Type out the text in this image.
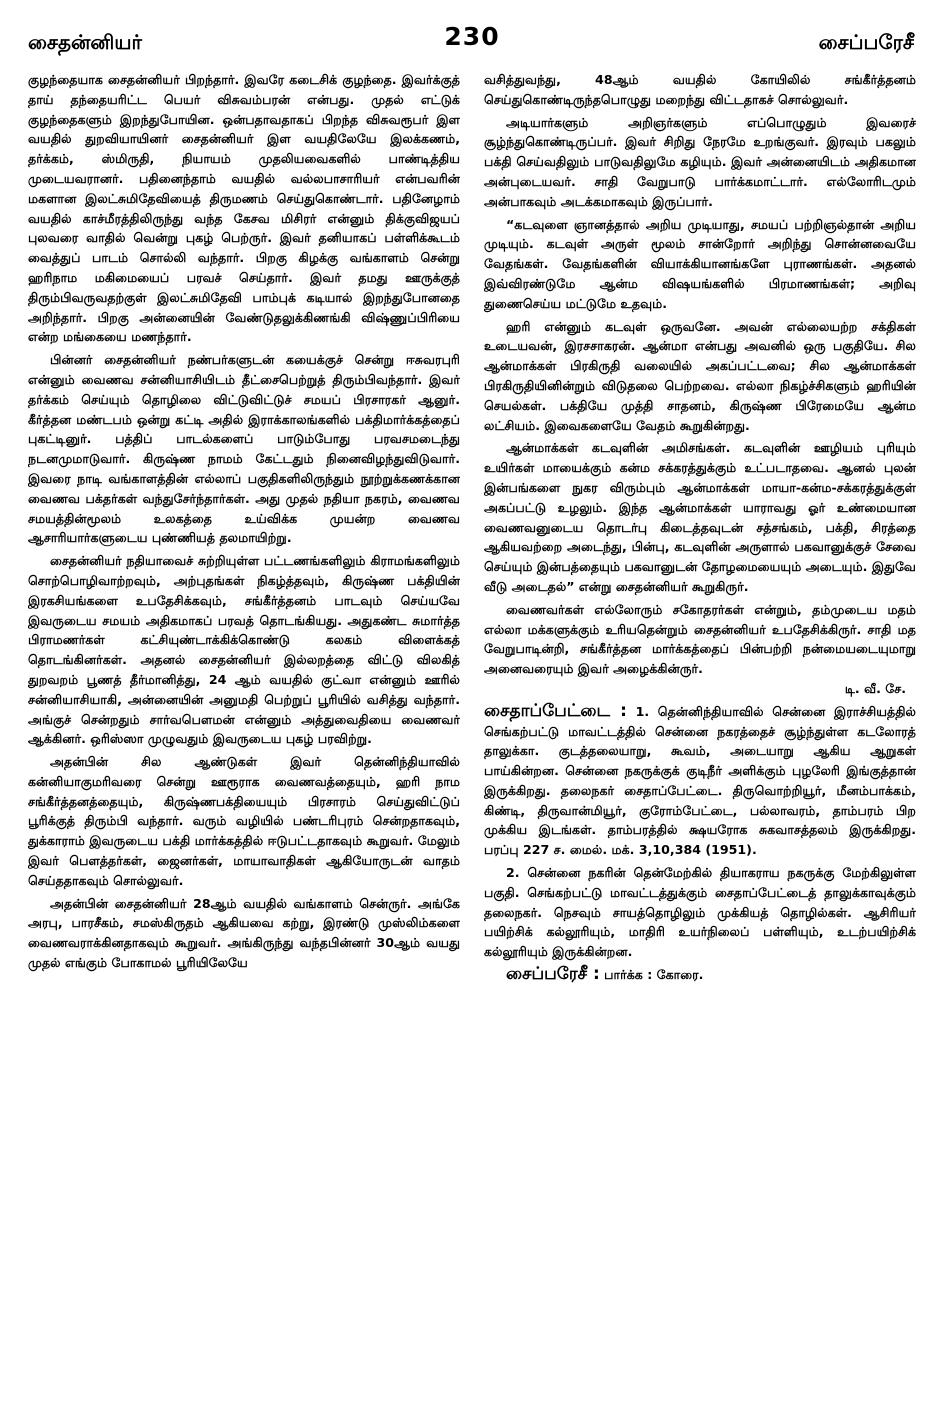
சைதன்னியர்	230	சைப்பரேசீ

குழந்தையாக சைதன்னியர் பிறந்தார். இவரே கடைசிக் குழந்தை. இவர்க்குத் தாய் தந்தையரிட்ட பெயர் விசுவம்பரன் என்பது. முதல் எட்டுக் குழந்தைகளும் இறந்துபோயின. ஒன்பதாவதாகப் பிறந்த விசுவரூபர் இள வயதில் துறவியாயினர் சைதன்னியர் இள வயதிலேயே இலக்கணம், தர்க்கம், ஸ்மிருதி, நியாயம் முதலியவைகளில் பாண்டித்திய முடையவரானர். பதினைந்தாம் வயதில் வல்லபாசாரியர் என்பவரின் மகளான இலட்சுமிதேவியைத் திருமணம் செய்துகொண்டார். பதினேழாம் வயதில் காச்மீரத்திலிருந்து வந்த கேசவ மிசிரர் என்னும் திக்குவிஜயப் புலவரை வாதில் வென்று புகழ் பெற்ருர். இவர் தனியாகப் பள்ளிக்கூடம் வைத்துப் பாடம் சொல்லி வந்தார். பிறகு கிழக்கு வங்காளம் சென்று ஹரிநாம மகிமையைப் பரவச் செய்தார். இவர் தமது ஊருக்குத் திரும்பிவருவதற்குள் இலட்சுமிதேவி பாம்புக் கடியால் இறந்துபோனதை அறிந்தார். பிறகு அன்னையின் வேண்டுதலுக்கிணங்கி விஷ்ணுப்பிரியை என்ற மங்கையை மணந்தார்.

பின்னர் சைதன்னியர் நண்பர்களுடன் கயைக்குச் சென்று ஈசுவரபுரி என்னும் வைணவ சன்னியாசியிடம் தீட்சைபெற்றுத் திரும்பிவந்தார். இவர் தர்க்கம் செய்யும் தொழிலை விட்டுவிட்டுச் சமயப் பிரசாரகர் ஆனுர். கீர்த்தன மண்டபம் ஒன்று கட்டி அதில் இராக்காலங்களில் பக்திமார்க்கத்தைப் புகட்டினுர். பத்திப் பாடல்களைப் பாடும்போது பரவசமடைந்து நடனமுமாடுவார். கிருஷ்ண நாமம் கேட்டதும் நினைவிழந்துவிடுவார். இவரை நாடி வங்காளத்தின் எல்லாப் பகுதிகளிலிருந்தும் நூற்றுக்கணக்கான வைணவ பக்தர்கள் வந்துசேர்ந்தார்கள். அது முதல் நதியா நகரம், வைணவ சமயத்தின்மூலம் உலகத்தை உய்விக்க முயன்ற வைணவ ஆசாரியார்களுடைய புண்ணியத் தலமாயிற்று.

சைதன்னியர் நதியாவைச் சுற்றியுள்ள பட்டணங்களிலும் கிராமங்களிலும் சொற்பொழிவாற்றவும், அற்புதங்கள் நிகழ்த்தவும், கிருஷ்ண பக்தியின் இரகசியங்களை உபதேசிக்கவும், சங்கீர்த்தனம் பாடவும் செய்யவே இவருடைய சமயம் அதிகமாகப் பரவத் தொடங்கியது. அதுகண்ட சுமார்த்த பிராமணர்கள் கட்சியுண்டாக்கிக்கொண்டு கலகம் விளைக்கத் தொடங்கினர்கள். அதனல் சைதன்னியர் இல்லறத்தை விட்டு விலகித் துறவறம் பூணத் தீர்மானித்து, 24 ஆம் வயதில் குட்வா என்னும் ஊரில் சன்னியாசியாகி, அன்னையின் அனுமதி பெற்றுப் பூரியில் வசித்து வந்தார். அங்குச் சென்றதும் சார்வபௌமன் என்னும் அத்துவைதியை வைணவர் ஆக்கினர். ஒரிஸ்ஸா முழுவதும் இவருடைய புகழ் பரவிற்று.

அதன்பின் சில ஆண்டுகள் இவர் தென்னிந்தியாவில் கன்னியாகுமரிவரை சென்று ஊரூராக வைணவத்தையும், ஹரி நாம சங்கீர்த்தனத்தையும், கிருஷ்ணபக்தியையும் பிரசாரம் செய்துவிட்டுப் பூரிக்குத் திரும்பி வந்தார். வரும் வழியில் பண்டரிபுரம் சென்றதாகவும், துக்காராம் இவருடைய பக்தி மார்க்கத்தில் ஈடுபட்டதாகவும் கூறுவர். மேலும் இவர் பௌத்தர்கள், ஜைனர்கள், மாயாவாதிகள் ஆகியோருடன் வாதம் செய்ததாகவும் சொல்லுவர்.

அதன்பின் சைதன்னியர் 28ஆம் வயதில் வங்காளம் சென்ருர். அங்கே அரபு, பாரசீகம், சமஸ்கிருதம் ஆகியவை கற்று, இரண்டு முஸ்லிம்களை வைணவராக்கினதாகவும் கூறுவர். அங்கிருந்து வந்தபின்னர் 30ஆம் வயது முதல் எங்கும் போகாமல் பூரியிலேயே

வசித்துவந்து, 48ஆம் வயதில் கோயிலில் சங்கீர்த்தனம் செய்துகொண்டிருந்தபொழுது மறைந்து விட்டதாகச் சொல்லுவர்.

அடியார்களும் அறிஞர்களும் எப்பொழுதும் இவரைச் சூழ்ந்துகொண்டிருப்பர். இவர் சிறிது நேரமே உறங்குவர். இரவும் பகலும் பக்தி செய்வதிலும் பாடுவதிலுமே கழியும். இவர் அன்னையிடம் அதிகமான அன்புடையவர். சாதி வேறுபாடு பார்க்கமாட்டார். எல்லோரிடமும் அன்பாகவும் அடக்கமாகவும் இருப்பார்.

“கடவுளை ஞானத்தால் அறிய முடியாது, சமயப் பற்றிஞல்தான் அறிய முடியும். கடவுள் அருள் மூலம் சான்றோர் அறிந்து சொன்னவையே வேதங்கள். வேதங்களின் வியாக்கியானங்களே புராணங்கள். அதனல் இவ்விரண்டுமே ஆன்ம விஷயங்களில் பிரமாணங்கள்; அறிவு துணைசெய்ய மட்டுமே உதவும்.

ஹரி என்னும் கடவுள் ஒருவனே. அவன் எல்லையற்ற சக்திகள் உடையவன், இரசசாகரன். ஆன்மா என்பது அவனில் ஒரு பகுதியே. சில ஆன்மாக்கள் பிரகிருதி வலையில் அகப்பட்டவை; சில ஆன்மாக்கள் பிரகிருதியினின்றும் விடுதலை பெற்றவை. எல்லா நிகழ்ச்சிகளும் ஹரியின் செயல்கள். பக்தியே முத்தி சாதனம், கிருஷ்ண பிரேமையே ஆன்ம லட்சியம். இவைகளையே வேதம் கூறுகின்றது.

ஆன்மாக்கள் கடவுளின் அமிசங்கள். கடவுளின் ஊழியம் புரியும் உயிர்கள் மாயைக்கும் கன்ம சக்கரத்துக்கும் உட்படாதவை. ஆனல் புலன் இன்பங்களை நுகர விரும்பும் ஆன்மாக்கள் மாயா-கன்ம-சக்கரத்துக்குள் அகப்பட்டு உழலும். இந்த ஆன்மாக்கள் யாராவது ஓர் உண்மையான வைணவனுடைய தொடர்பு கிடைத்தவுடன் சத்சங்கம், பக்தி, சிரத்தை ஆகியவற்றை அடைந்து, பின்பு, கடவுளின் அருளால் பகவானுக்குச் சேவை செய்யும் இன்பத்தையும் பகவானுடன் தோழமையையும் அடையும். இதுவே வீடு அடைதல்” என்று சைதன்னியர் கூறுகிருர்.

வைணவர்கள் எல்லோரும் சகோதரர்கள் என்றும், தம்முடைய மதம் எல்லா மக்களுக்கும் உரியதென்றும் சைதன்னியர் உபதேசிக்கிருர். சாதி மத வேறுபாடின்றி, சங்கீர்த்தன மார்க்கத்தைப் பின்பற்றி நன்மையடையுமாறு அனைவரையும் இவர் அழைக்கின்ருர்.
டி. வீ. சே.

சைதாப்பேட்டை : 1. தென்னிந்தியாவில் சென்னை இராச்சியத்தில் செங்கற்பட்டு மாவட்டத்தில் சென்னை நகரத்தைச் சூழ்ந்துள்ள கடலோரத் தாலுக்கா. குடத்தலையாறு, கூவம், அடையாறு ஆகிய ஆறுகள் பாய்கின்றன. சென்னை நகருக்குக் குடிநீர் அளிக்கும் புழலேரி இங்குத்தான் இருக்கிறது. தலைநகர் சைதாப்பேட்டை. திருவொற்றியூர், மீனம்பாக்கம், கிண்டி, திருவான்மியூர், குரோம்பேட்டை, பல்லாவரம், தாம்பரம் பிற முக்கிய இடங்கள். தாம்பரத்தில் க்ஷயரோக சுகவாசத்தலம் இருக்கிறது. பரப்பு 227 ச. மைல். மக். 3,10,384 (1951).

2. சென்னை நகரின் தென்மேற்கில் தியாகராய நகருக்கு மேற்கிலுள்ள பகுதி. செங்கற்பட்டு மாவட்டத்துக்கும் சைதாப்பேட்டைத் தாலுக்காவுக்கும் தலைநகர். நெசவும் சாயத்தொழிலும் முக்கியத் தொழில்கள். ஆசிரியர் பயிற்சிக் கல்லூரியும், மாதிரி உயர்நிலைப் பள்ளியும், உடற்பயிற்சிக் கல்லூரியும் இருக்கின்றன.

சைப்பரேசீ : பார்க்க : கோரை.
